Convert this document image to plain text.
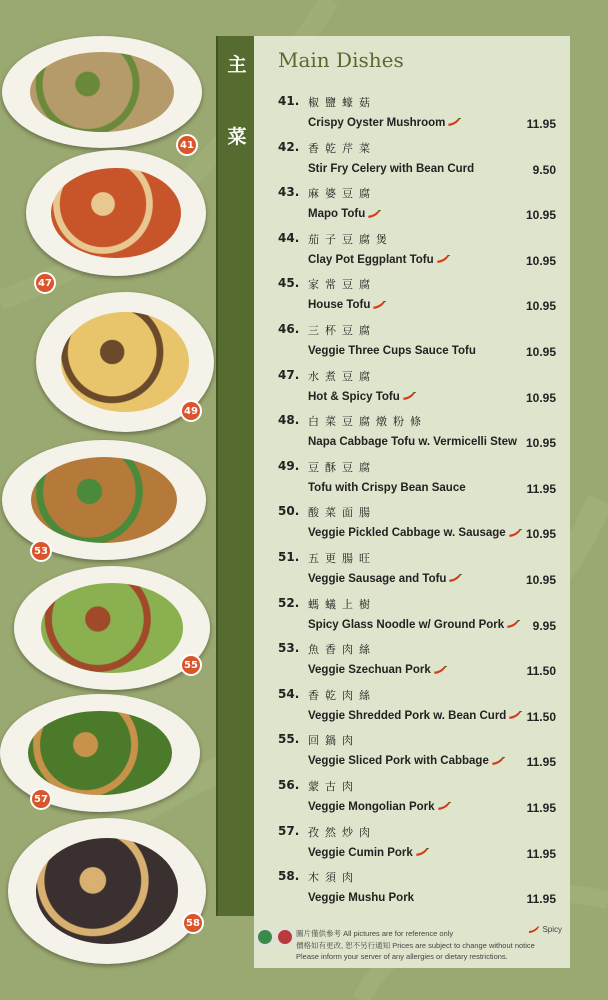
41
47
49
53
55
57
58
主
菜
Main Dishes
41. 椒鹽蠔菇
Crispy Oyster Mushroom	11.95
42. 香乾芹菜
Stir Fry Celery with Bean Curd	9.50
43. 麻婆豆腐
Mapo Tofu	10.95
44. 茄子豆腐煲
Clay Pot Eggplant Tofu	10.95
45. 家常豆腐
House Tofu	10.95
46. 三杯豆腐
Veggie Three Cups Sauce Tofu	10.95
47. 水煮豆腐
Hot & Spicy Tofu	10.95
48. 白菜豆腐燉粉條
Napa Cabbage Tofu w. Vermicelli Stew 10.95
49. 豆酥豆腐
Tofu with Crispy Bean Sauce	11.95
50. 酸菜面腸
Veggie Pickled Cabbage w. Sausage	10.95
51. 五更腸旺
Veggie Sausage and Tofu	10.95
52. 螞蟻上樹
Spicy Glass Noodle w/ Ground Pork	9.95
53. 魚香肉絲
Veggie Szechuan Pork	11.50
54. 香乾肉絲
Veggie Shredded Pork w. Bean Curd	11.50
55. 回鍋肉
Veggie Sliced Pork with Cabbage	11.95
56. 蒙古肉
Veggie Mongolian Pork	11.95
57. 孜然炒肉
Veggie Cumin Pork	11.95
58. 木須肉
Veggie Mushu Pork	11.95
圖片僅供參考 All pictures are for reference only
價格如有更改, 恕不另行通知 Prices are subject to change without notice
Please inform your server of any allergies or dietary restrictions.
Spicy
